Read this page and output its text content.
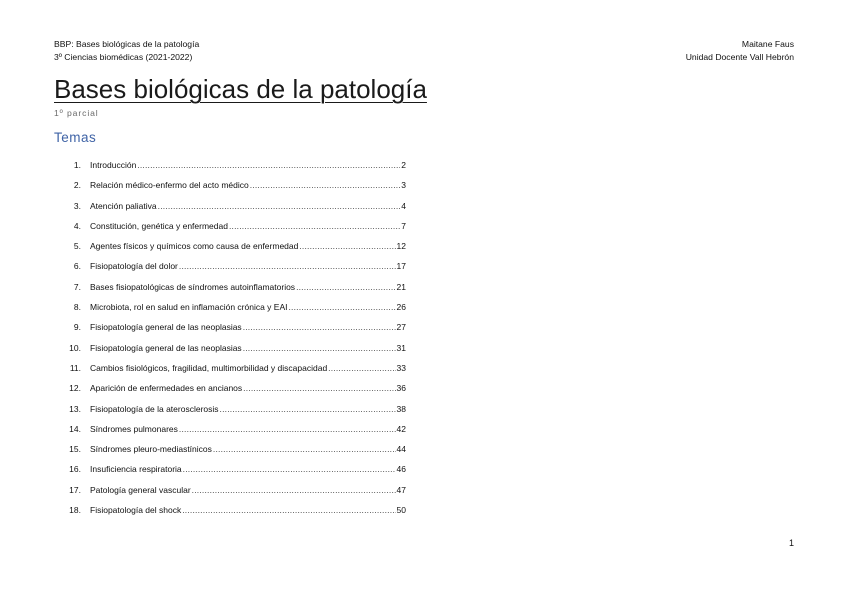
BBP: Bases biológicas de la patología
3º Ciencias biomédicas (2021-2022)
Maitane Faus
Unidad Docente Vall Hebrón
Bases biológicas de la patología
1º parcial
Temas
1.	Introducción .....	2
2.	Relación médico-enfermo del acto médico .....	3
3.	Atención paliativa .....	4
4.	Constitución, genética y enfermedad .....	7
5.	Agentes físicos y químicos como causa de enfermedad .....	12
6.	Fisiopatología del dolor .....	17
7.	Bases fisiopatológicas de síndromes autoinflamatorios .....	21
8.	Microbiota, rol en salud en inflamación crónica y EAI .....	26
9.	Fisiopatología general de las neoplasias .....	27
10.	Fisiopatología general de las neoplasias .....	31
11.	Cambios fisiológicos, fragilidad, multimorbilidad y discapacidad .....	33
12.	Aparición de enfermedades en ancianos .....	36
13.	Fisiopatología de la aterosclerosis .....	38
14.	Síndromes pulmonares .....	42
15.	Síndromes pleuro-mediastínicos .....	44
16.	Insuficiencia respiratoria .....	46
17.	Patología general vascular .....	47
18.	Fisiopatología del shock .....	50
1
